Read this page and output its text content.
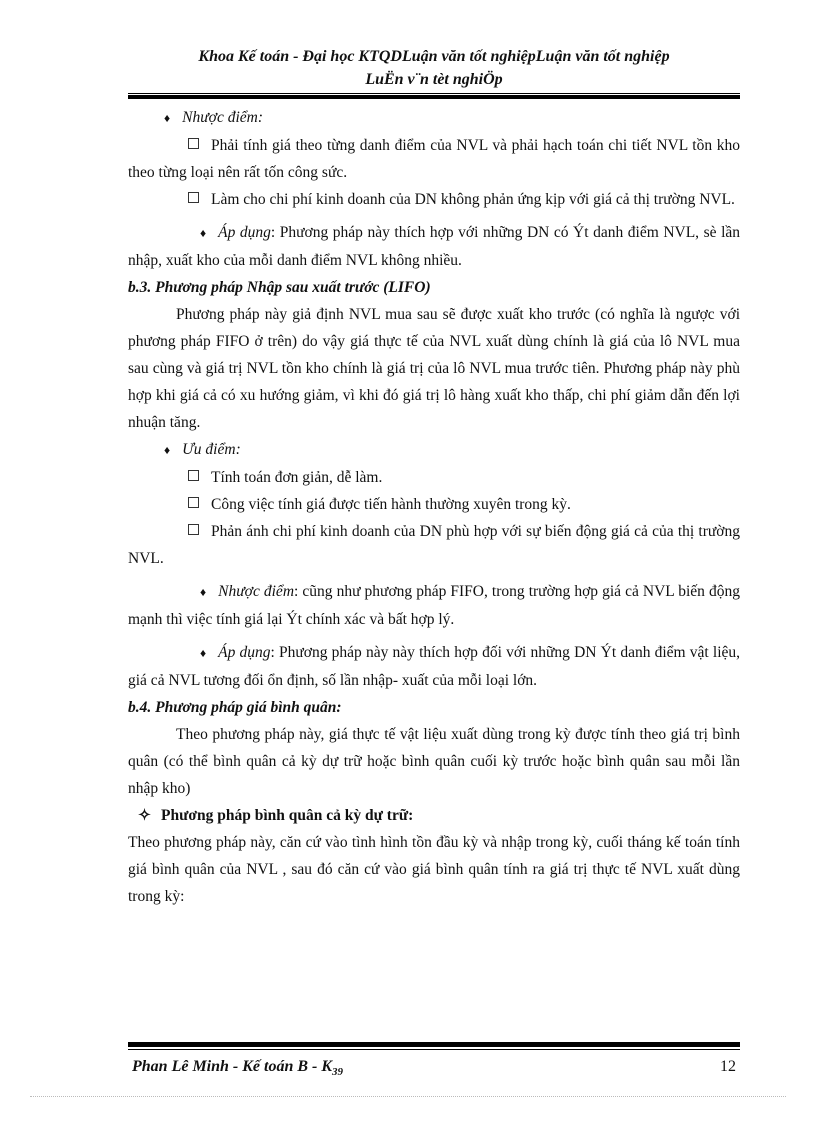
Khoa Kế toán - Đại học KTQDLuận văn tốt nghiệpLuận văn tốt nghiệp
LuËn v¨n tèt nghiÖp

♦ Nhược điểm:

Phải tính giá theo từng danh điểm của NVL và phải hạch toán chi tiết NVL tồn kho theo từng loại nên rất tốn công sức.

Làm cho chi phí kinh doanh của DN không phản ứng kịp với giá cả thị trường NVL.

♦ Áp dụng: Phương pháp này thích hợp với những DN có Ýt danh điểm NVL, sè lần nhập, xuất kho của mỗi danh điểm NVL không nhiều.

b.3. Phương pháp Nhập sau xuất trước (LIFO)

Phương pháp này giả định NVL mua sau sẽ được xuất kho trước (có nghĩa là ngược với phương pháp FIFO ở trên) do vậy giá thực tế của NVL xuất dùng chính là giá của lô NVL mua sau cùng và giá trị NVL tồn kho chính là giá trị của lô NVL mua trước tiên. Phương pháp này phù hợp khi giá cả có xu hướng giảm, vì khi đó giá trị lô hàng xuất kho thấp, chi phí giảm dẫn đến lợi nhuận tăng.

♦ Ưu điểm:

Tính toán đơn giản, dễ làm.

Công việc tính giá được tiến hành thường xuyên trong kỳ.

Phản ánh chi phí kinh doanh của DN phù hợp với sự biến động giá cả của thị trường NVL.

♦ Nhược điểm: cũng như phương pháp FIFO, trong trường hợp giá cả NVL biến động mạnh thì việc tính giá lại Ýt chính xác và bất hợp lý.

♦ Áp dụng: Phương pháp này này thích hợp đối với những DN Ýt danh điểm vật liệu, giá cả NVL tương đối ổn định, số lần nhập- xuất của mỗi loại lớn.

b.4. Phương pháp giá bình quân:

Theo phương pháp này, giá thực tế vật liệu xuất dùng trong kỳ được tính theo giá trị bình quân (có thể bình quân cả kỳ dự trữ hoặc bình quân cuối kỳ trước hoặc bình quân sau mỗi lần nhập kho)

✧ Phương pháp bình quân cả kỳ dự trữ:

Theo phương pháp này, căn cứ vào tình hình tồn đầu kỳ và nhập trong kỳ, cuối tháng kế toán tính giá bình quân của NVL , sau đó căn cứ vào giá bình quân tính ra giá trị thực tế NVL xuất dùng trong kỳ:

Phan Lê Minh - Kế toán B - $K_{39}$	12
